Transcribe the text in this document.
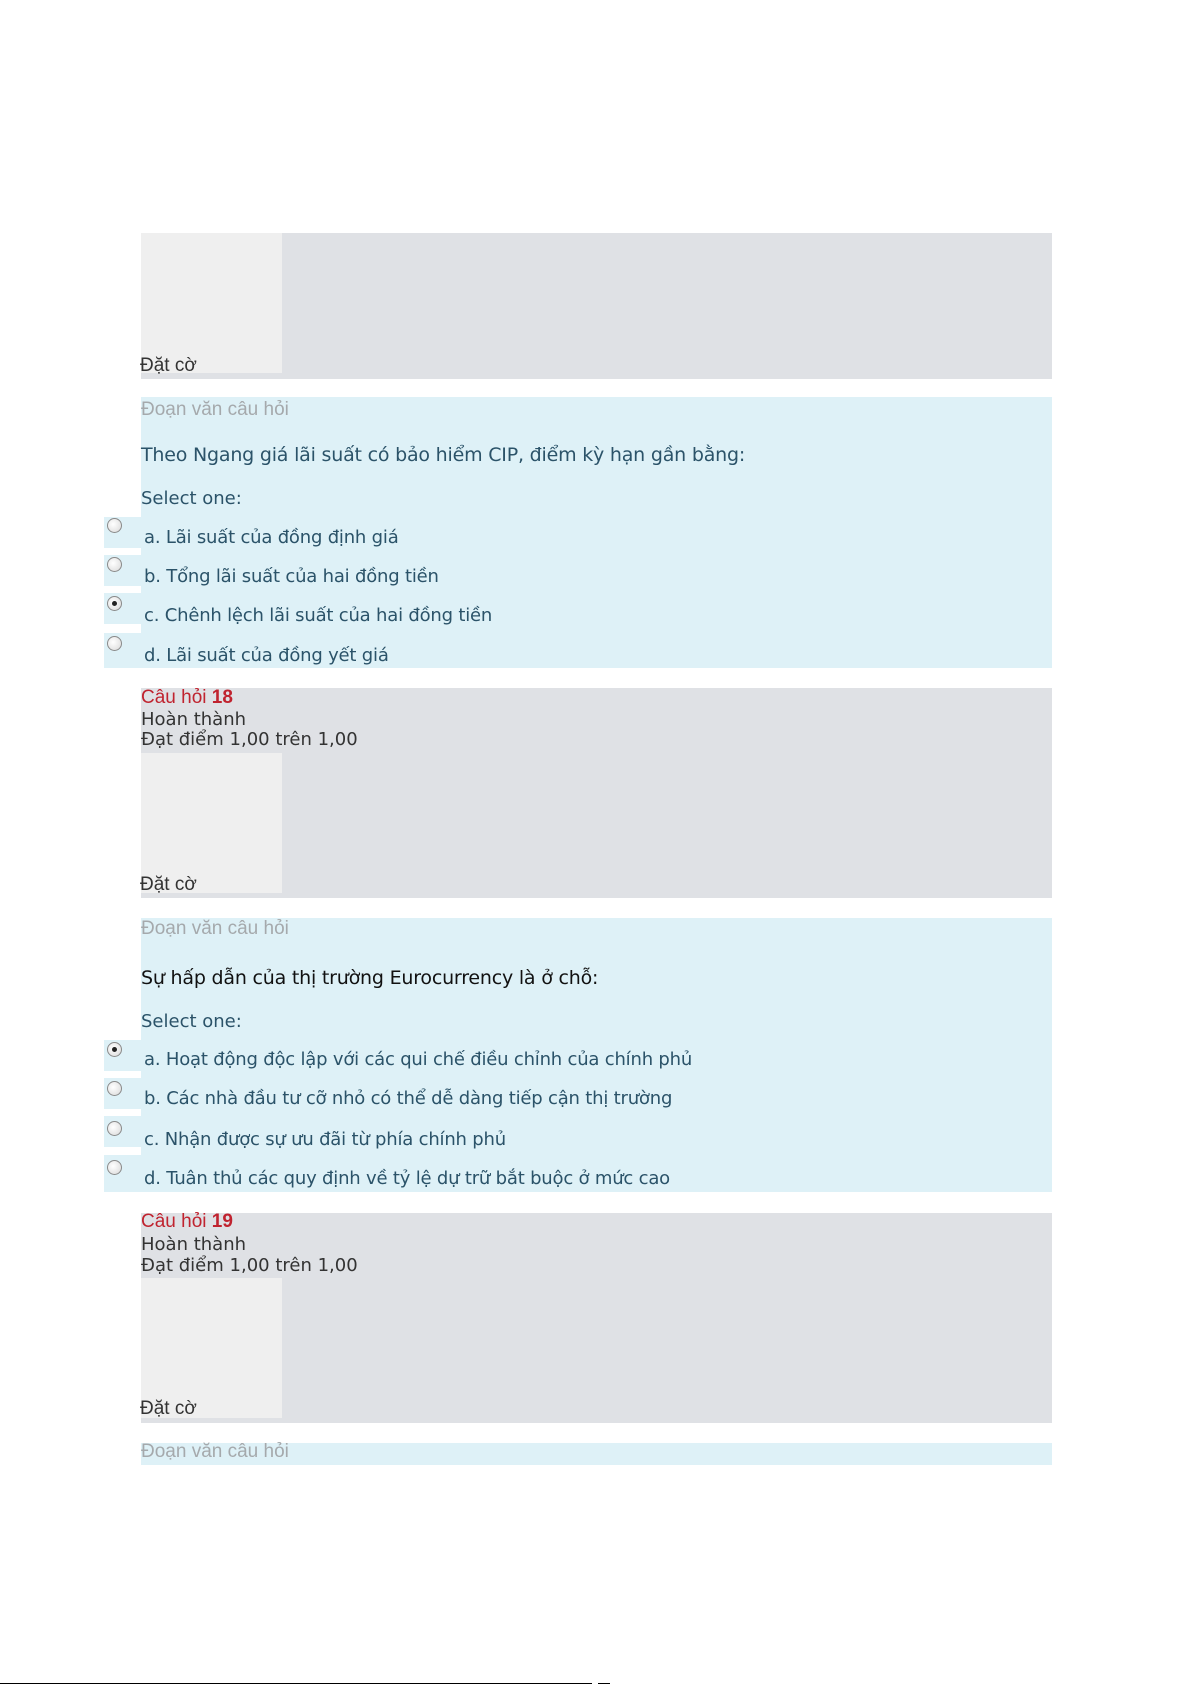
Đặt cờ
Đoạn văn câu hỏi
Theo Ngang giá lãi suất có bảo hiểm CIP, điểm kỳ hạn gần bằng:
Select one:
a. Lãi suất của đồng định giá
b. Tổng lãi suất của hai đồng tiền
c. Chênh lệch lãi suất của hai đồng tiền
d. Lãi suất của đồng yết giá
Câu hỏi 18
Hoàn thành
Đạt điểm 1,00 trên 1,00
Đặt cờ
Đoạn văn câu hỏi
Sự hấp dẫn của thị trường Eurocurrency là ở chỗ:
Select one:
a. Hoạt động độc lập với các qui chế điều chỉnh của chính phủ
b. Các nhà đầu tư cỡ nhỏ có thể dễ dàng tiếp cận thị trường
c. Nhận được sự ưu đãi từ phía chính phủ
d. Tuân thủ các quy định về tỷ lệ dự trữ bắt buộc ở mức cao
Câu hỏi 19
Hoàn thành
Đạt điểm 1,00 trên 1,00
Đặt cờ
Đoạn văn câu hỏi
